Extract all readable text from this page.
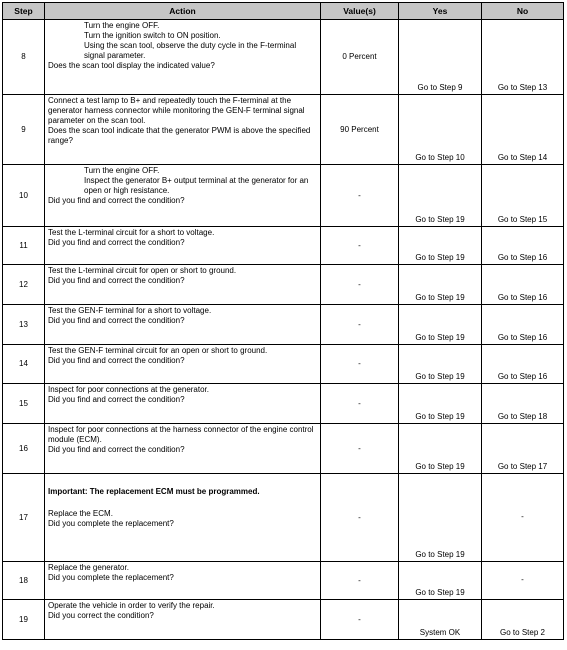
Step	Action	Value(s)	Yes	No
8	Turn the engine OFF.
Turn the ignition switch to ON position.
Using the scan tool, observe the duty cycle in the F-terminal signal parameter.
Does the scan tool display the indicated value?	0 Percent	Go to Step 9	Go to Step 13
9	Connect a test lamp to B+ and repeatedly touch the F-terminal at the generator harness connector while monitoring the GEN-F terminal signal parameter on the scan tool.
Does the scan tool indicate that the generator PWM is above the specified range?	90 Percent	Go to Step 10	Go to Step 14
10	Turn the engine OFF.
Inspect the generator B+ output terminal at the generator for an open or high resistance.
Did you find and correct the condition?	-	Go to Step 19	Go to Step 15
11	Test the L-terminal circuit for a short to voltage.
Did you find and correct the condition?	-	Go to Step 19	Go to Step 16
12	Test the L-terminal circuit for open or short to ground.
Did you find and correct the condition?	-	Go to Step 19	Go to Step 16
13	Test the GEN-F terminal for a short to voltage.
Did you find and correct the condition?	-	Go to Step 19	Go to Step 16
14	Test the GEN-F terminal circuit for an open or short to ground.
Did you find and correct the condition?	-	Go to Step 19	Go to Step 16
15	Inspect for poor connections at the generator.
Did you find and correct the condition?	-	Go to Step 19	Go to Step 18
16	Inspect for poor connections at the harness connector of the engine control module (ECM).
Did you find and correct the condition?	-	Go to Step 19	Go to Step 17
17	Important: The replacement ECM must be programmed.
Replace the ECM.
Did you complete the replacement?	-	Go to Step 19	-
18	Replace the generator.
Did you complete the replacement?	-	Go to Step 19	-
19	Operate the vehicle in order to verify the repair.
Did you correct the condition?	-	System OK	Go to Step 2
